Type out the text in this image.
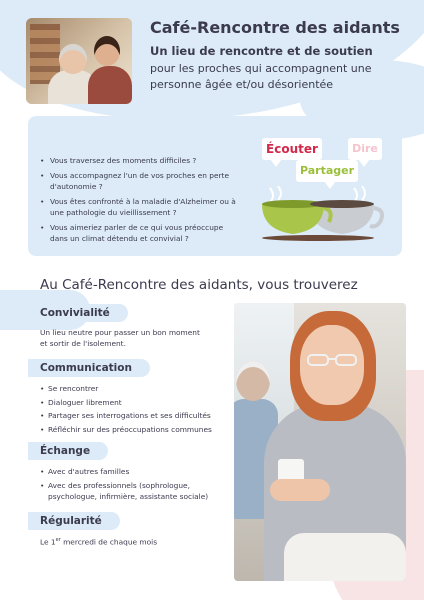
Café-Rencontre des aidants
Un lieu de rencontre et de soutien
pour les proches qui accompagnent une personne âgée et/ou désorientée
• Vous traversez des moments difficiles ?
• Vous accompagnez l'un de vos proches en perte d'autonomie ?
• Vous êtes confronté à la maladie d'Alzheimer ou à une pathologie du vieillissement ?
• Vous aimeriez parler de ce qui vous préoccupe dans un climat détendu et convivial ?
Écouter	Dire
Partager
Au Café-Rencontre des aidants, vous trouverez
Convivialité
Un lieu neutre pour passer un bon moment et sortir de l'isolement.
Communication
• Se rencontrer
• Dialoguer librement
• Partager ses interrogations et ses difficultés
• Réfléchir sur des préoccupations communes
Échange
• Avec d'autres familles
• Avec des professionnels (sophrologue, psychologue, infirmière, assistante sociale)
Régularité
Le 1er mercredi de chaque mois
